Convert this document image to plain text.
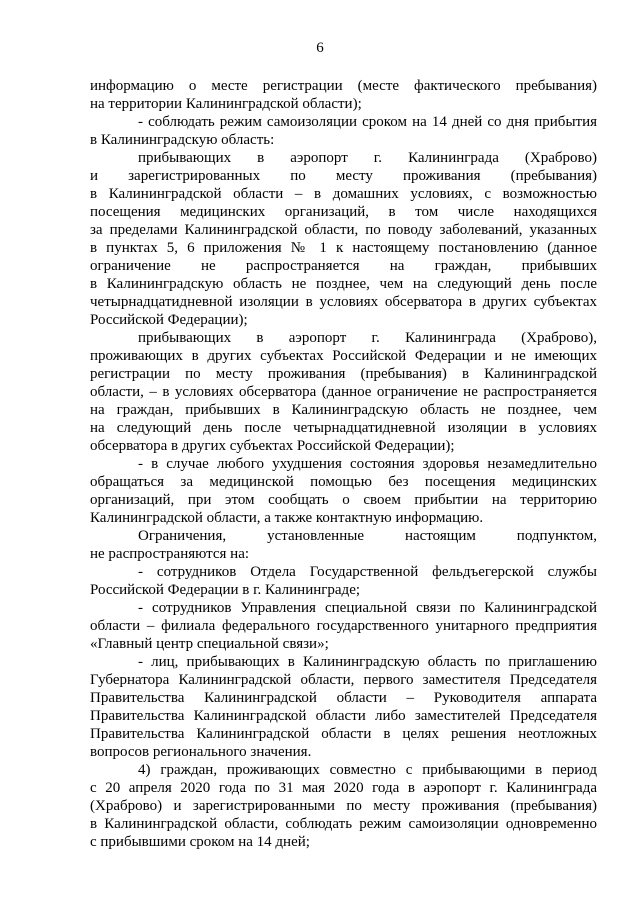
6
информацию о месте регистрации (месте фактического пребывания)
на территории Калининградской области);
- соблюдать режим самоизоляции сроком на 14 дней со дня прибытия
в Калининградскую область:
прибывающих в аэропорт г. Калининграда (Храброво)
и зарегистрированных по месту проживания (пребывания)
в Калининградской области – в домашних условиях, с возможностью
посещения медицинских организаций, в том числе находящихся
за пределами Калининградской области, по поводу заболеваний, указанных
в пунктах 5, 6 приложения № 1 к настоящему постановлению (данное
ограничение не распространяется на граждан, прибывших
в Калининградскую область не позднее, чем на следующий день после
четырнадцатидневной изоляции в условиях обсерватора в других субъектах
Российской Федерации);
прибывающих в аэропорт г. Калининграда (Храброво),
проживающих в других субъектах Российской Федерации и не имеющих
регистрации по месту проживания (пребывания) в Калининградской
области, – в условиях обсерватора (данное ограничение не распространяется
на граждан, прибывших в Калининградскую область не позднее, чем
на следующий день после четырнадцатидневной изоляции в условиях
обсерватора в других субъектах Российской Федерации);
- в случае любого ухудшения состояния здоровья незамедлительно
обращаться за медицинской помощью без посещения медицинских
организаций, при этом сообщать о своем прибытии на территорию
Калининградской области, а также контактную информацию.
Ограничения, установленные настоящим подпунктом,
не распространяются на:
- сотрудников Отдела Государственной фельдъегерской службы
Российской Федерации в г. Калининграде;
- сотрудников Управления специальной связи по Калининградской
области – филиала федерального государственного унитарного предприятия
«Главный центр специальной связи»;
- лиц, прибывающих в Калининградскую область по приглашению
Губернатора Калининградской области, первого заместителя Председателя
Правительства Калининградской области – Руководителя аппарата
Правительства Калининградской области либо заместителей Председателя
Правительства Калининградской области в целях решения неотложных
вопросов регионального значения.
4) граждан, проживающих совместно с прибывающими в период
с 20 апреля 2020 года по 31 мая 2020 года в аэропорт г. Калининграда
(Храброво) и зарегистрированными по месту проживания (пребывания)
в Калининградской области, соблюдать режим самоизоляции одновременно
с прибывшими сроком на 14 дней;
